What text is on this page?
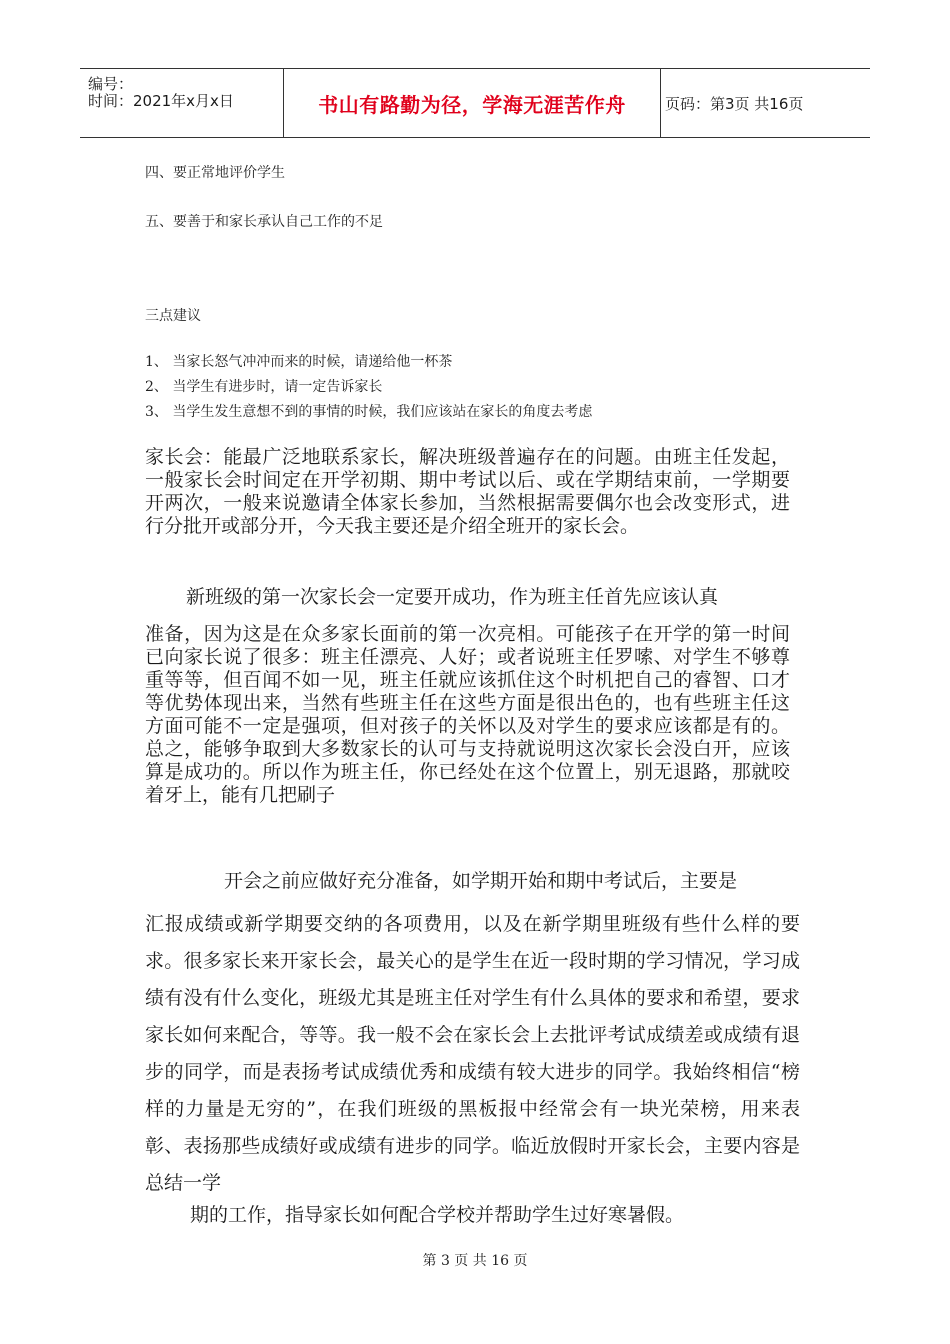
编号：
时间：2021年x月x日	书山有路勤为径，学海无涯苦作舟	页码：第3页 共16页
四、要正常地评价学生
五、要善于和家长承认自己工作的不足
三点建议
1、 当家长怒气冲冲而来的时候，请递给他一杯茶
2、 当学生有进步时，请一定告诉家长
3、 当学生发生意想不到的事情的时候，我们应该站在家长的角度去考虑

家长会：能最广泛地联系家长，解决班级普遍存在的问题。由班主任发起，一般家长会时间定在开学初期、期中考试以后、或在学期结束前，一学期要开两次，一般来说邀请全体家长参加，当然根据需要偶尔也会改变形式，进行分批开或部分开，今天我主要还是介绍全班开的家长会。

新班级的第一次家长会一定要开成功，作为班主任首先应该认真

准备，因为这是在众多家长面前的第一次亮相。可能孩子在开学的第一时间已向家长说了很多：班主任漂亮、人好；或者说班主任罗嗦、对学生不够尊重等等，但百闻不如一见，班主任就应该抓住这个时机把自己的睿智、口才等优势体现出来，当然有些班主任在这些方面是很出色的，也有些班主任这方面可能不一定是强项，但对孩子的关怀以及对学生的要求应该都是有的。总之，能够争取到大多数家长的认可与支持就说明这次家长会没白开，应该算是成功的。所以作为班主任，你已经处在这个位置上，别无退路，那就咬着牙上，能有几把刷子

开会之前应做好充分准备，如学期开始和期中考试后，主要是

汇报成绩或新学期要交纳的各项费用，以及在新学期里班级有些什么样的要求。很多家长来开家长会，最关心的是学生在近一段时期的学习情况，学习成绩有没有什么变化，班级尤其是班主任对学生有什么具体的要求和希望，要求家长如何来配合，等等。我一般不会在家长会上去批评考试成绩差或成绩有退步的同学，而是表扬考试成绩优秀和成绩有较大进步的同学。我始终相信“榜样的力量是无穷的”，在我们班级的黑板报中经常会有一块光荣榜，用来表彰、表扬那些成绩好或成绩有进步的同学。临近放假时开家长会，主要内容是总结一学

期的工作，指导家长如何配合学校并帮助学生过好寒暑假。
第 3 页 共 16 页
